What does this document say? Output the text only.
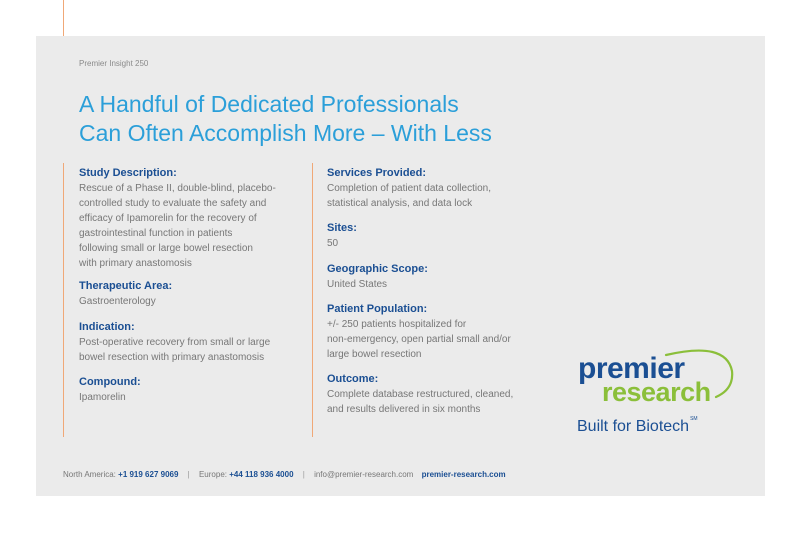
Premier Insight 250
A Handful of Dedicated Professionals
Can Often Accomplish More – With Less
Study Description:
Rescue of a Phase II, double-blind, placebo-
controlled study to evaluate the safety and
efficacy of Ipamorelin for the recovery of
gastrointestinal function in patients
following small or large bowel resection
with primary anastomosis
Therapeutic Area:
Gastroenterology
Indication:
Post-operative recovery from small or large
bowel resection with primary anastomosis
Compound:
Ipamorelin
Services Provided:
Completion of patient data collection,
statistical analysis, and data lock
Sites:
50
Geographic Scope:
United States
Patient Population:
+/- 250 patients hospitalized for
non-emergency, open partial small and/or
large bowel resection
Outcome:
Complete database restructured, cleaned,
and results delivered in six months
premier
research
Built for Biotech℠
North America: +1 919 627 9069 | Europe: +44 118 936 4000 | info@premier-research.com premier-research.com
